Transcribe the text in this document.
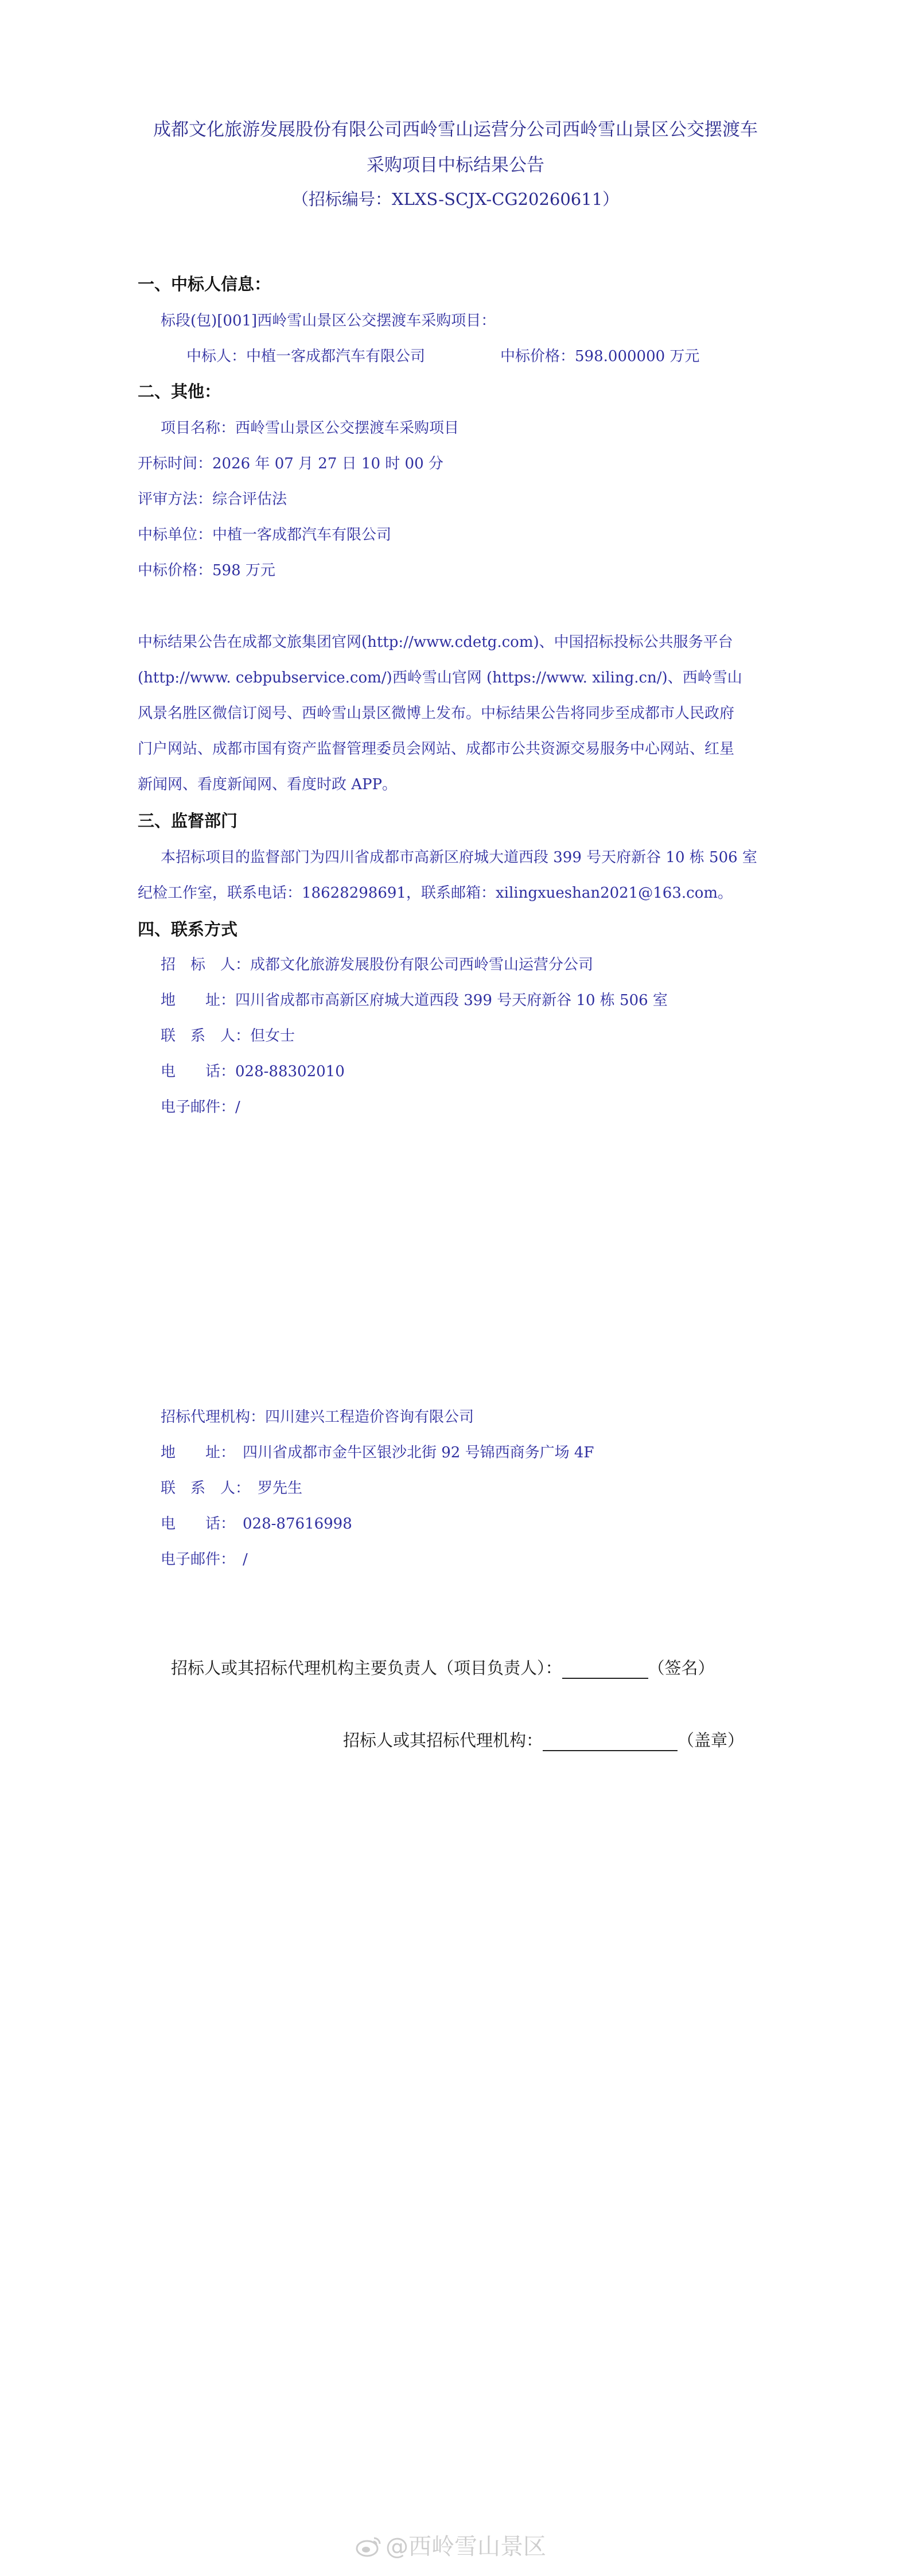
成都文化旅游发展股份有限公司西岭雪山运营分公司西岭雪山景区公交摆渡车
采购项目中标结果公告
（招标编号：XLXS-SCJX-CG20260611）
一、中标人信息：
标段(包)[001]西岭雪山景区公交摆渡车采购项目：
中标人：中植一客成都汽车有限公司	中标价格：598.000000 万元
二、其他：
项目名称：西岭雪山景区公交摆渡车采购项目
开标时间：2026 年 07 月 27 日 10 时 00 分
评审方法：综合评估法
中标单位：中植一客成都汽车有限公司
中标价格：598 万元
中标结果公告在成都文旅集团官网(http://www.cdetg.com)、中国招标投标公共服务平台
(http://www. cebpubservice.com/)西岭雪山官网 (https://www. xiling.cn/)、西岭雪山
风景名胜区微信订阅号、西岭雪山景区微博上发布。中标结果公告将同步至成都市人民政府
门户网站、成都市国有资产监督管理委员会网站、成都市公共资源交易服务中心网站、红星
新闻网、看度新闻网、看度时政 APP。
三、监督部门
本招标项目的监督部门为四川省成都市高新区府城大道西段 399 号天府新谷 10 栋 506 室
纪检工作室，联系电话：18628298691，联系邮箱：xilingxueshan2021@163.com。
四、联系方式
招　标　人：成都文化旅游发展股份有限公司西岭雪山运营分公司
地　　址：四川省成都市高新区府城大道西段 399 号天府新谷 10 栋 506 室
联　系　人：但女士
电　　话：028-88302010
电子邮件：/
招标代理机构：四川建兴工程造价咨询有限公司
地　　址：　四川省成都市金牛区银沙北街 92 号锦西商务广场 4F
联　系　人：　罗先生
电　　话：　028-87616998
电子邮件：　/
招标人或其招标代理机构主要负责人（项目负责人）：	（签名）
招标人或其招标代理机构：	（盖章）
@西岭雪山景区
